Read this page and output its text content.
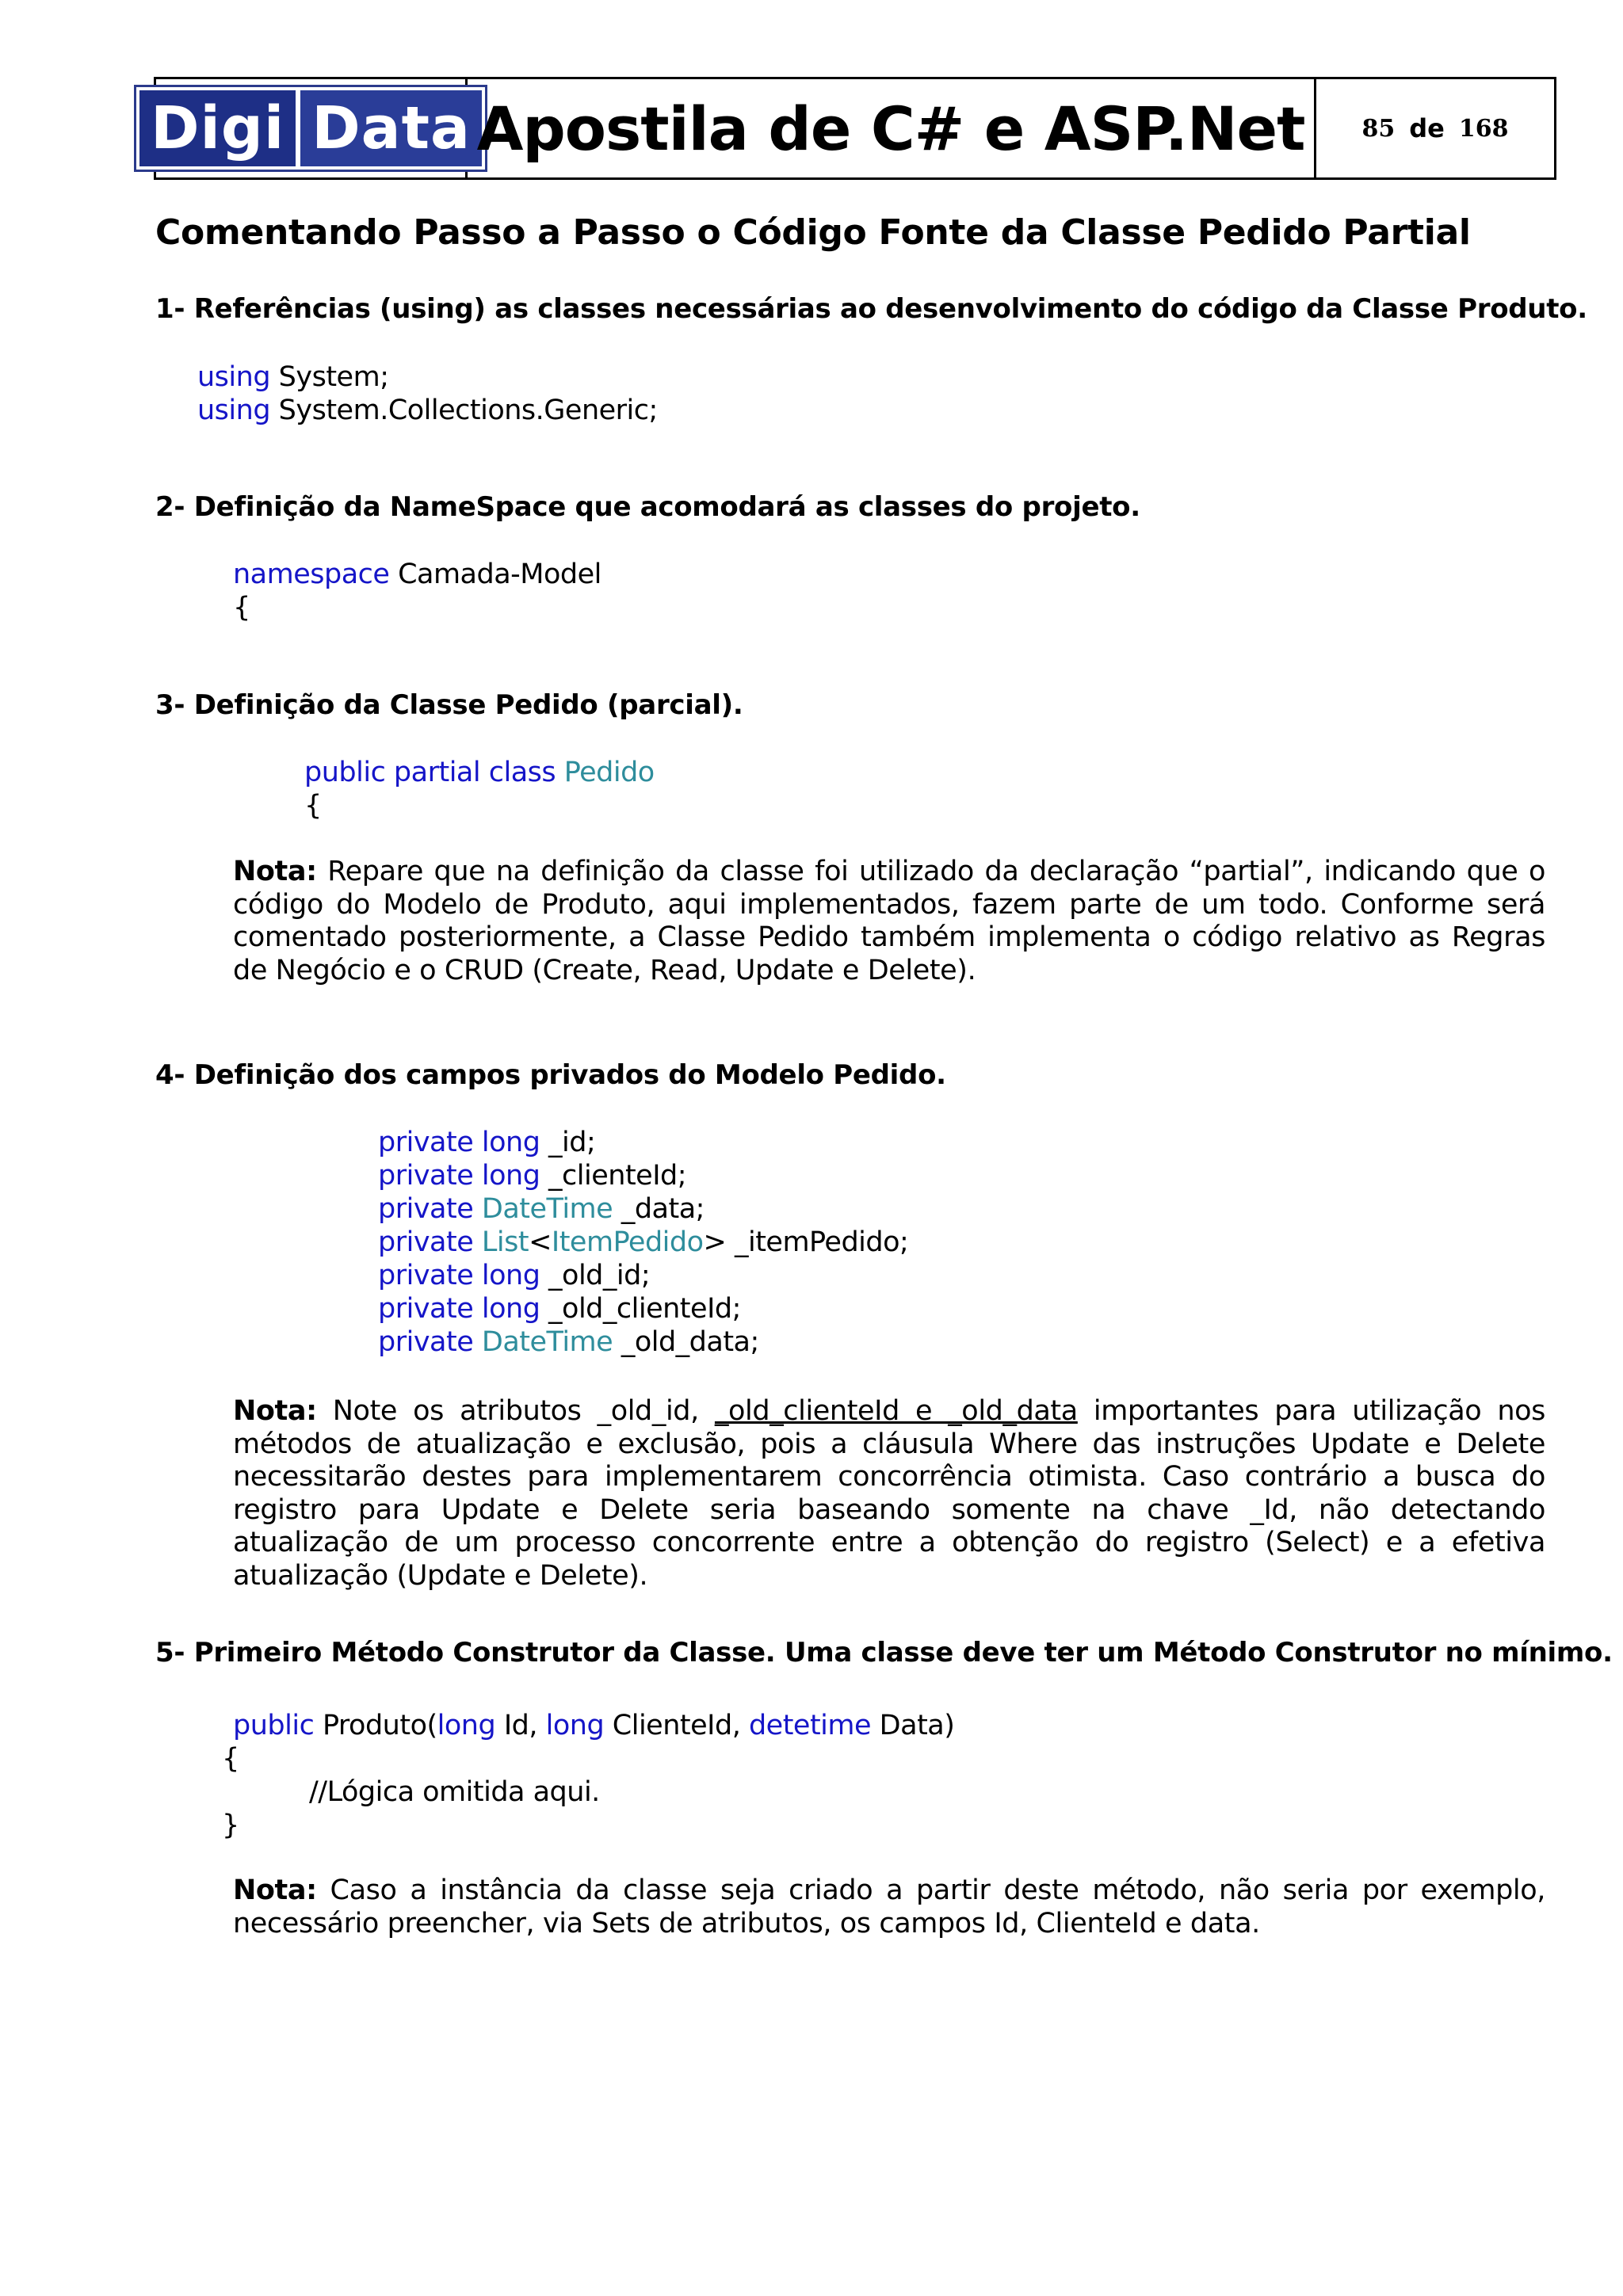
Digi Data Apostila de C# e ASP.Net 85 de 168
Comentando Passo a Passo o Código Fonte da Classe Pedido Partial
1- Referências (using) as classes necessárias ao desenvolvimento do código da Classe Produto.
using System;
using System.Collections.Generic;
2- Definição da NameSpace que acomodará as classes do projeto.
namespace Camada-Model
{
3- Definição da Classe Pedido (parcial).
public partial class Pedido
{

Nota: Repare que na definição da classe foi utilizado da declaração “partial”, indicando que o código do Modelo de Produto, aqui implementados, fazem parte de um todo. Conforme será comentado posteriormente, a Classe Pedido também implementa o código relativo as Regras de Negócio e o CRUD (Create, Read, Update e Delete).

4- Definição dos campos privados do Modelo Pedido.
private long _id;
private long _clienteId;
private DateTime _data;
private List<ItemPedido> _itemPedido;
private long _old_id;
private long _old_clienteId;
private DateTime _old_data;

Nota: Note os atributos _old_id, _old_clienteId e _old_data importantes para utilização nos métodos de atualização e exclusão, pois a cláusula Where das instruções Update e Delete necessitarão destes para implementarem concorrência otimista. Caso contrário a busca do registro para Update e Delete seria baseando somente na chave _Id, não detectando atualização de um processo concorrente entre a obtenção do registro (Select) e a efetiva atualização (Update e Delete).

5- Primeiro Método Construtor da Classe. Uma classe deve ter um Método Construtor no mínimo.
public Produto(long Id, long ClienteId, detetime Data)
{
//Lógica omitida aqui.
}

Nota: Caso a instância da classe seja criado a partir deste método, não seria por exemplo, necessário preencher, via Sets de atributos, os campos Id, ClienteId e data.
